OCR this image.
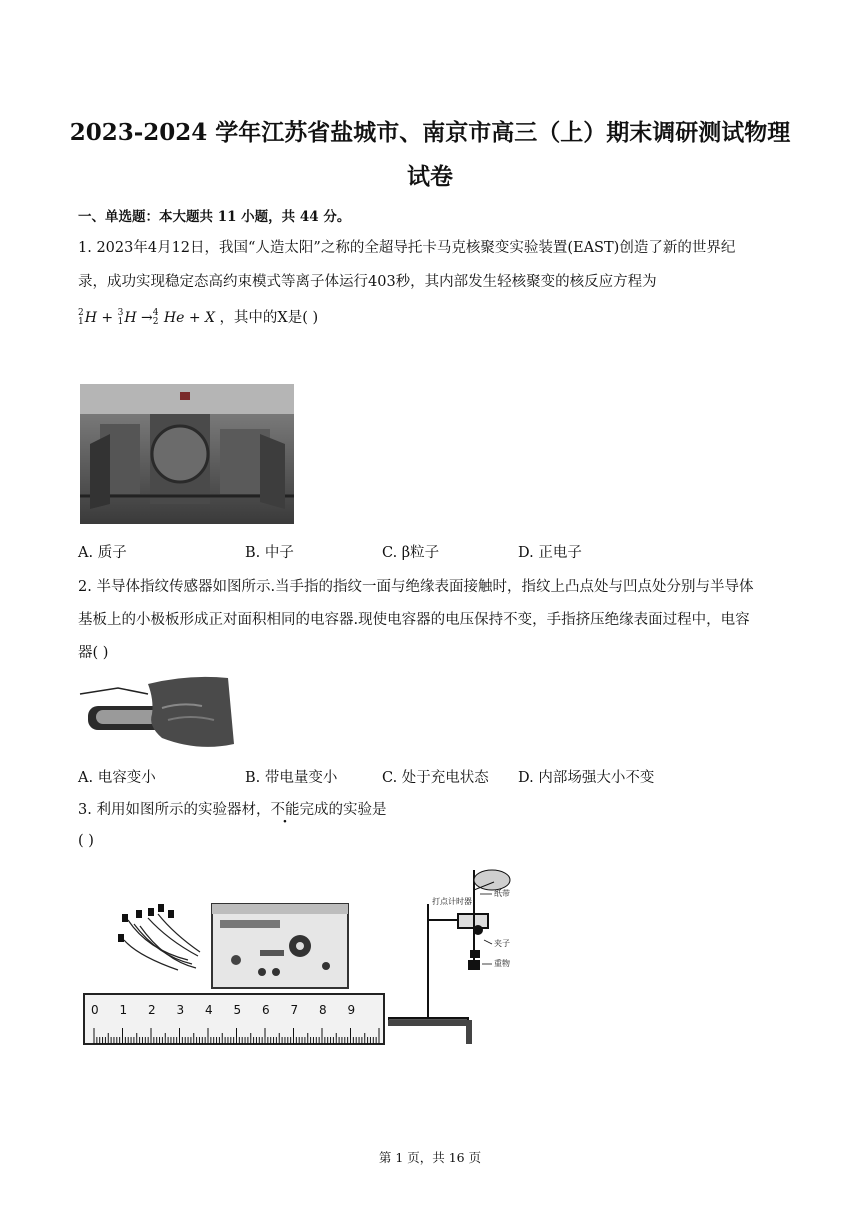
2023-2024 学年江苏省盐城市、南京市高三（上）期末调研测试物理
试卷
一、单选题：本大题共 11 小题，共 44 分。
1. 2023年4月12日，我国“人造太阳”之称的全超导托卡马克核聚变实验装置(EAST)创造了新的世界纪
录，成功实现稳定态高约束模式等离子体运行403秒，其内部发生轻核聚变的核反应方程为
2
1 H + 3
1 H → 4
2 He + X ，其中的X是( )
A. 质子	B. 中子	C. β粒子	D. 正电子
2. 半导体指纹传感器如图所示.当手指的指纹一面与绝缘表面接触时，指纹上凸点处与凹点处分别与半导体
基板上的小极板形成正对面积相同的电容器.现使电容器的电压保持不变，手指挤压绝缘表面过程中，电容
器( )
A. 电容变小	B. 带电量变小	C. 处于充电状态 D. 内部场强大小不变
3. 利用如图所示的实验器材，不能完成的实验是
( )
0 1 2 3 4 5 6 7 8 9
打点计时器
纸带
夹子
重物
第 1 页，共 16 页
